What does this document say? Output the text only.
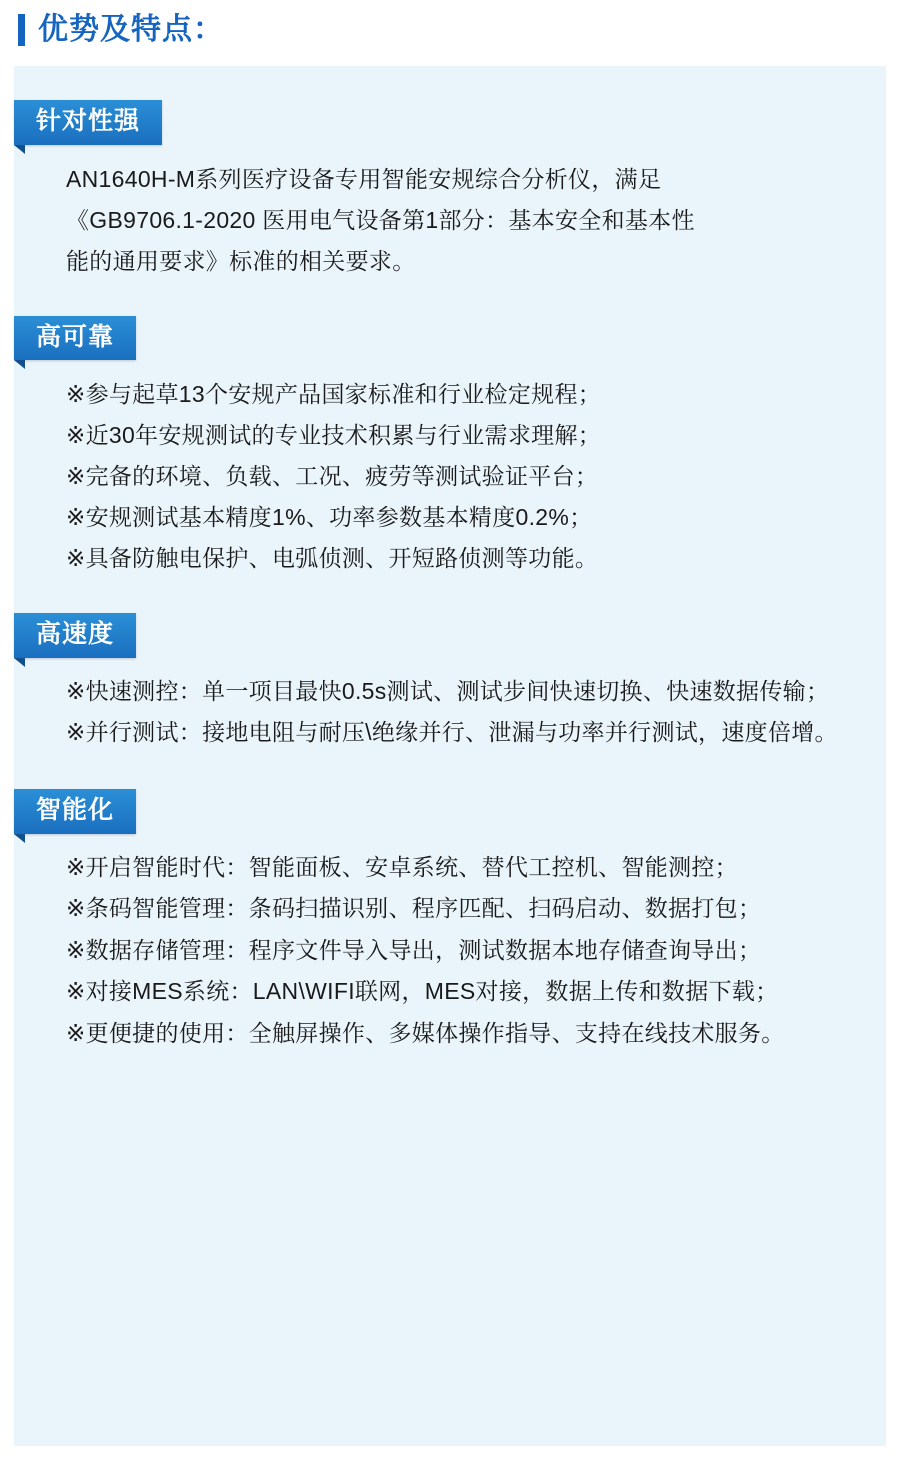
优势及特点：
针对性强

AN1640H-M系列医疗设备专用智能安规综合分析仪，满足

《GB9706.1-2020 医用电气设备第1部分：基本安全和基本性

能的通用要求》标准的相关要求。

高可靠

※参与起草13个安规产品国家标准和行业检定规程；

※近30年安规测试的专业技术积累与行业需求理解；

※完备的环境、负载、工况、疲劳等测试验证平台；

※安规测试基本精度1%、功率参数基本精度0.2%；

※具备防触电保护、电弧侦测、开短路侦测等功能。

高速度

※快速测控：单一项目最快0.5s测试、测试步间快速切换、快速数据传输；

※并行测试：接地电阻与耐压\绝缘并行、泄漏与功率并行测试，速度倍增。

智能化

※开启智能时代：智能面板、安卓系统、替代工控机、智能测控；

※条码智能管理：条码扫描识别、程序匹配、扫码启动、数据打包；

※数据存储管理：程序文件导入导出，测试数据本地存储查询导出；

※对接MES系统：LAN\WIFI联网，MES对接，数据上传和数据下载；

※更便捷的使用：全触屏操作、多媒体操作指导、支持在线技术服务。
